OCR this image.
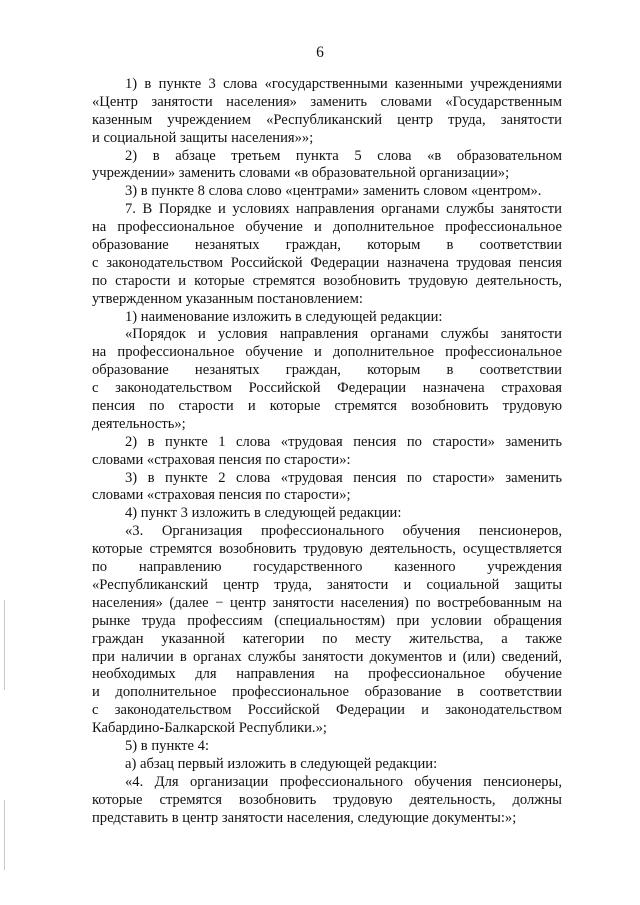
6
1) в пункте 3 слова «государственными казенными учреждениями
«Центр занятости населения» заменить словами «Государственным
казенным учреждением «Республиканский центр труда, занятости
и социальной защиты населения»»;
2) в абзаце третьем пункта 5 слова «в образовательном
учреждении» заменить словами «в образовательной организации»;
3) в пункте 8 слова слово «центрами» заменить словом «центром».
7. В Порядке и условиях направления органами службы занятости
на профессиональное обучение и дополнительное профессиональное
образование незанятых граждан, которым в соответствии
с законодательством Российской Федерации назначена трудовая пенсия
по старости и которые стремятся возобновить трудовую деятельность,
утвержденном указанным постановлением:
1) наименование изложить в следующей редакции:
«Порядок и условия направления органами службы занятости
на профессиональное обучение и дополнительное профессиональное
образование незанятых граждан, которым в соответствии
с законодательством Российской Федерации назначена страховая
пенсия по старости и которые стремятся возобновить трудовую
деятельность»;
2) в пункте 1 слова «трудовая пенсия по старости» заменить
словами «страховая пенсия по старости»:
3) в пункте 2 слова «трудовая пенсия по старости» заменить
словами «страховая пенсия по старости»;
4) пункт 3 изложить в следующей редакции:
«3. Организация профессионального обучения пенсионеров,
которые стремятся возобновить трудовую деятельность, осуществляется
по направлению государственного казенного учреждения
«Республиканский центр труда, занятости и социальной защиты
населения» (далее − центр занятости населения) по востребованным на
рынке труда профессиям (специальностям) при условии обращения
граждан указанной категории по месту жительства, а также
при наличии в органах службы занятости документов и (или) сведений,
необходимых для направления на профессиональное обучение
и дополнительное профессиональное образование в соответствии
с законодательством Российской Федерации и законодательством
Кабардино-Балкарской Республики.»;
5) в пункте 4:
а) абзац первый изложить в следующей редакции:
«4. Для организации профессионального обучения пенсионеры,
которые стремятся возобновить трудовую деятельность, должны
представить в центр занятости населения, следующие документы:»;
